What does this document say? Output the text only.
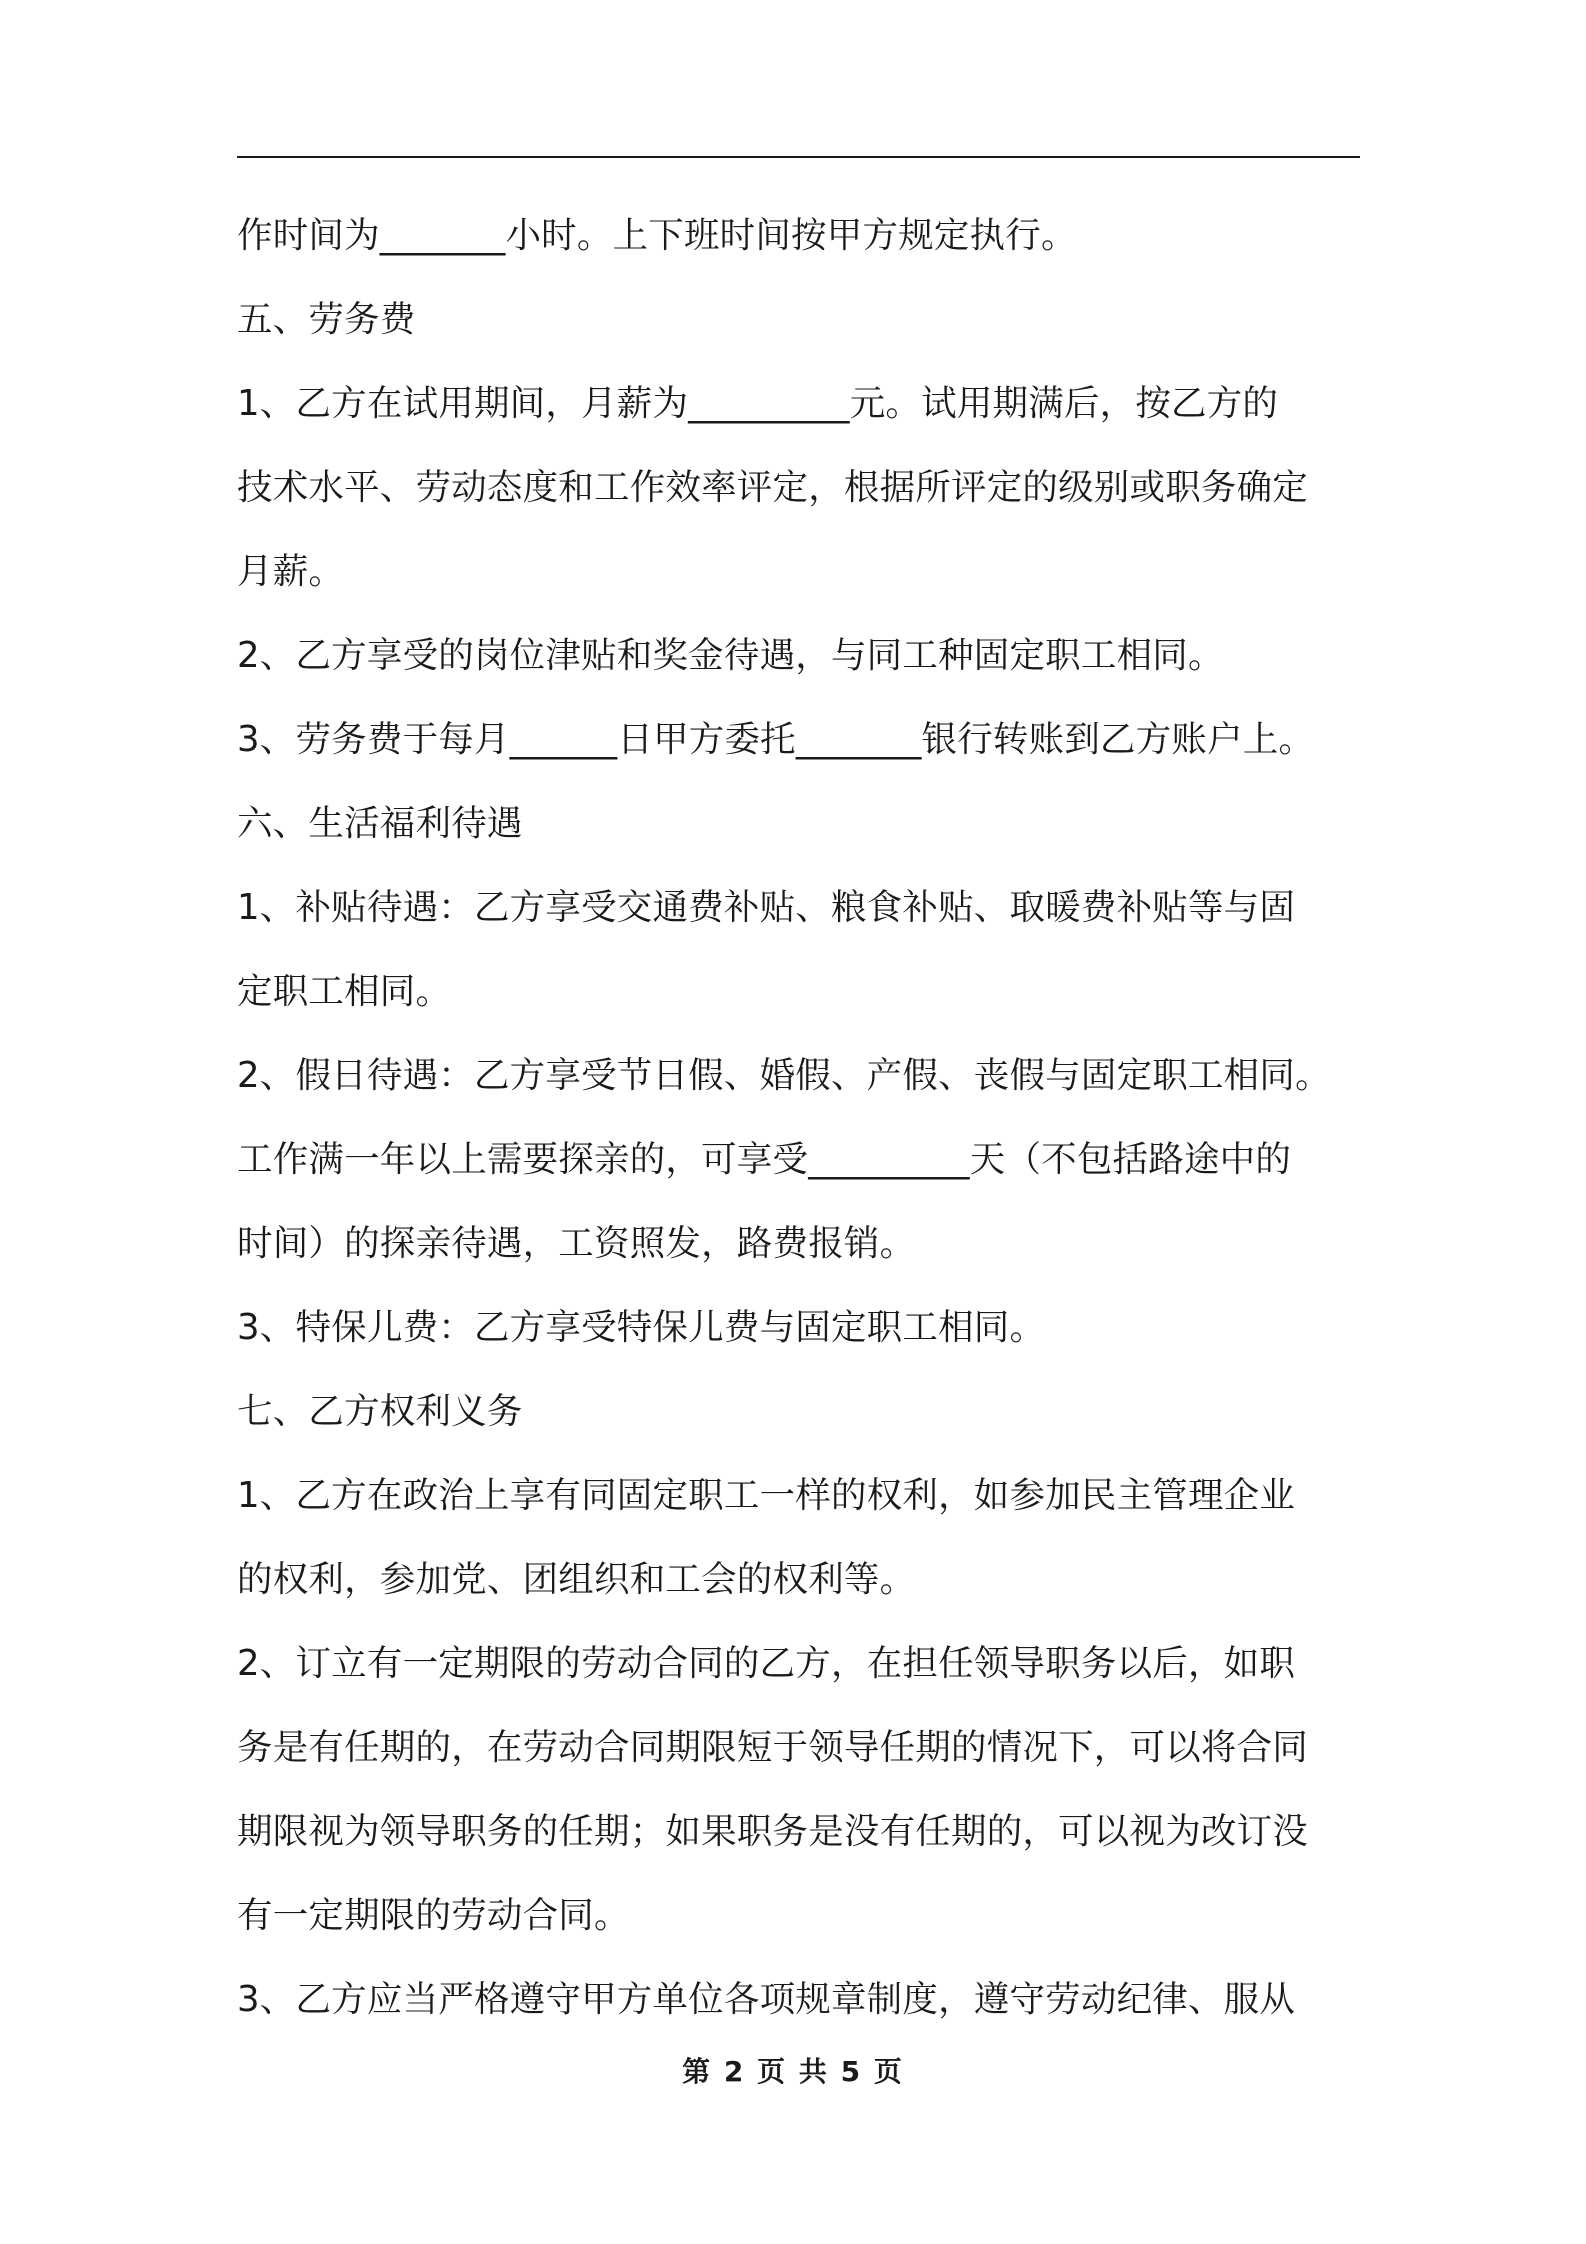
作时间为_______小时。上下班时间按甲方规定执行。
五、劳务费
1、乙方在试用期间，月薪为_________元。试用期满后，按乙方的
技术水平、劳动态度和工作效率评定，根据所评定的级别或职务确定
月薪。
2、乙方享受的岗位津贴和奖金待遇，与同工种固定职工相同。
3、劳务费于每月______日甲方委托_______银行转账到乙方账户上。
六、生活福利待遇
1、补贴待遇：乙方享受交通费补贴、粮食补贴、取暖费补贴等与固
定职工相同。
2、假日待遇：乙方享受节日假、婚假、产假、丧假与固定职工相同。
工作满一年以上需要探亲的，可享受_________天（不包括路途中的
时间）的探亲待遇，工资照发，路费报销。
3、特保儿费：乙方享受特保儿费与固定职工相同。
七、乙方权利义务
1、乙方在政治上享有同固定职工一样的权利，如参加民主管理企业
的权利，参加党、团组织和工会的权利等。
2、订立有一定期限的劳动合同的乙方，在担任领导职务以后，如职
务是有任期的，在劳动合同期限短于领导任期的情况下，可以将合同
期限视为领导职务的任期；如果职务是没有任期的，可以视为改订没
有一定期限的劳动合同。
3、乙方应当严格遵守甲方单位各项规章制度，遵守劳动纪律、服从
第 2 页 共 5 页
